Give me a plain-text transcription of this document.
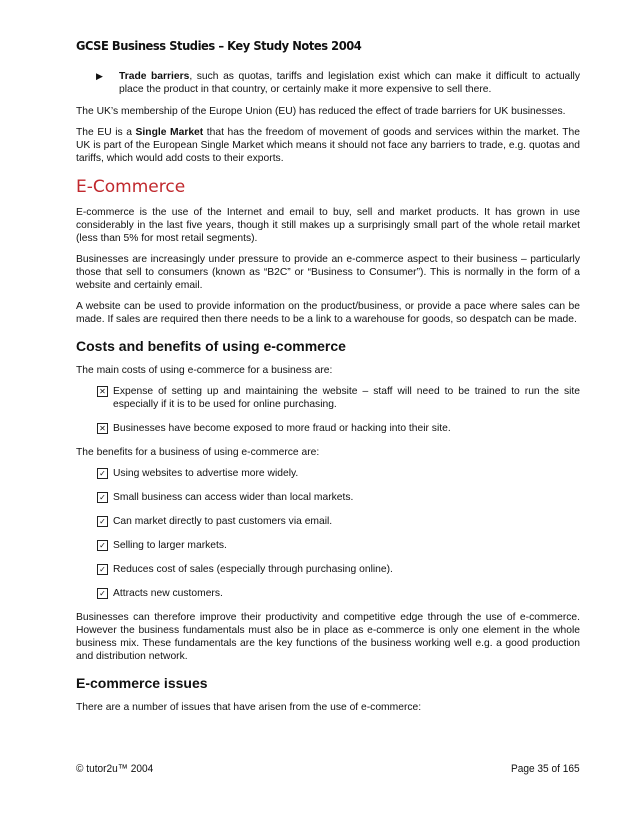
GCSE Business Studies – Key Study Notes 2004
▶	Trade barriers, such as quotas, tariffs and legislation exist which can make it difficult to actually place the product in that country, or certainly make it more expensive to sell there.

The UK’s membership of the Europe Union (EU) has reduced the effect of trade barriers for UK businesses.

The EU is a Single Market that has the freedom of movement of goods and services within the market. The UK is part of the European Single Market which means it should not face any barriers to trade, e.g. quotas and tariffs, which would add costs to their exports.

E-Commerce

E-commerce is the use of the Internet and email to buy, sell and market products. It has grown in use considerably in the last five years, though it still makes up a surprisingly small part of the whole retail market (less than 5% for most retail segments).

Businesses are increasingly under pressure to provide an e-commerce aspect to their business – particularly those that sell to consumers (known as “B2C” or “Business to Consumer”). This is normally in the form of a website and certainly email.

A website can be used to provide information on the product/business, or provide a pace where sales can be made. If sales are required then there needs to be a link to a warehouse for goods, so despatch can be made.

Costs and benefits of using e-commerce

The main costs of using e-commerce for a business are:

✕ Expense of setting up and maintaining the website – staff will need to be trained to run the site especially if it is to be used for online purchasing.
✕ Businesses have become exposed to more fraud or hacking into their site.

The benefits for a business of using e-commerce are:

✓ Using websites to advertise more widely.
✓ Small business can access wider than local markets.
✓ Can market directly to past customers via email.
✓ Selling to larger markets.
✓ Reduces cost of sales (especially through purchasing online).
✓ Attracts new customers.

Businesses can therefore improve their productivity and competitive edge through the use of e-commerce. However the business fundamentals must also be in place as e-commerce is only one element in the whole business mix. These fundamentals are the key functions of the business working well e.g. a good production and distribution network.

E-commerce issues

There are a number of issues that have arisen from the use of e-commerce:

© tutor2u™ 2004	Page 35 of 165
